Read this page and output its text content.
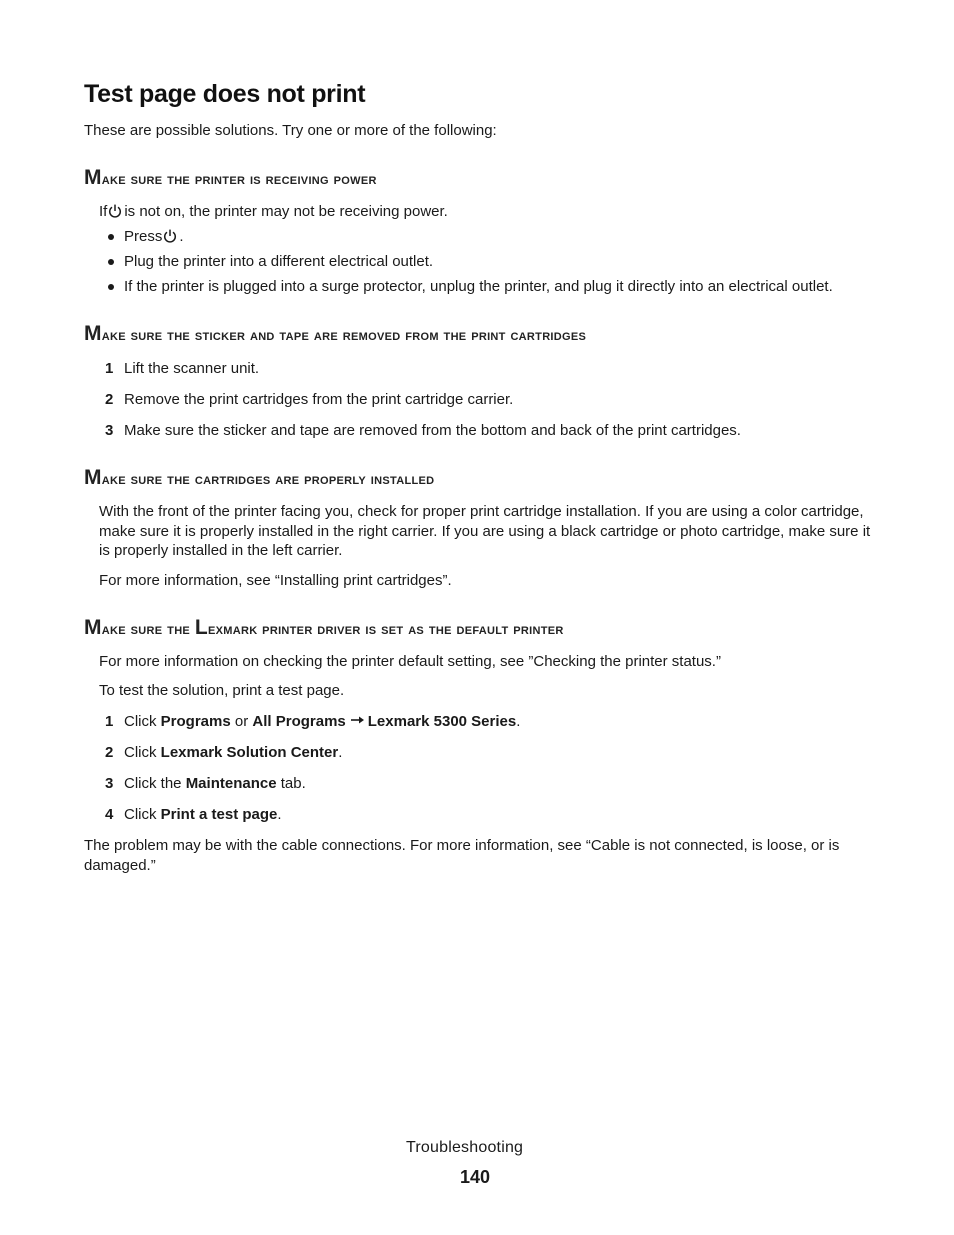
Test page does not print
These are possible solutions. Try one or more of the following:
Make sure the printer is receiving power
If is not on, the printer may not be receiving power.
Press .
Plug the printer into a different electrical outlet.
If the printer is plugged into a surge protector, unplug the printer, and plug it directly into an electrical outlet.
Make sure the sticker and tape are removed from the print cartridges
1 Lift the scanner unit.
2 Remove the print cartridges from the print cartridge carrier.
3 Make sure the sticker and tape are removed from the bottom and back of the print cartridges.
Make sure the cartridges are properly installed
With the front of the printer facing you, check for proper print cartridge installation. If you are using a color cartridge, make sure it is properly installed in the right carrier. If you are using a black cartridge or photo cartridge, make sure it is properly installed in the left carrier.
For more information, see “Installing print cartridges”.
Make sure the Lexmark printer driver is set as the default printer
For more information on checking the printer default setting, see ”Checking the printer status.”
To test the solution, print a test page.
1 Click Programs or All Programs Lexmark 5300 Series.
2 Click Lexmark Solution Center.
3 Click the Maintenance tab.
4 Click Print a test page.
The problem may be with the cable connections. For more information, see “Cable is not connected, is loose, or is damaged.”
Troubleshooting
140
